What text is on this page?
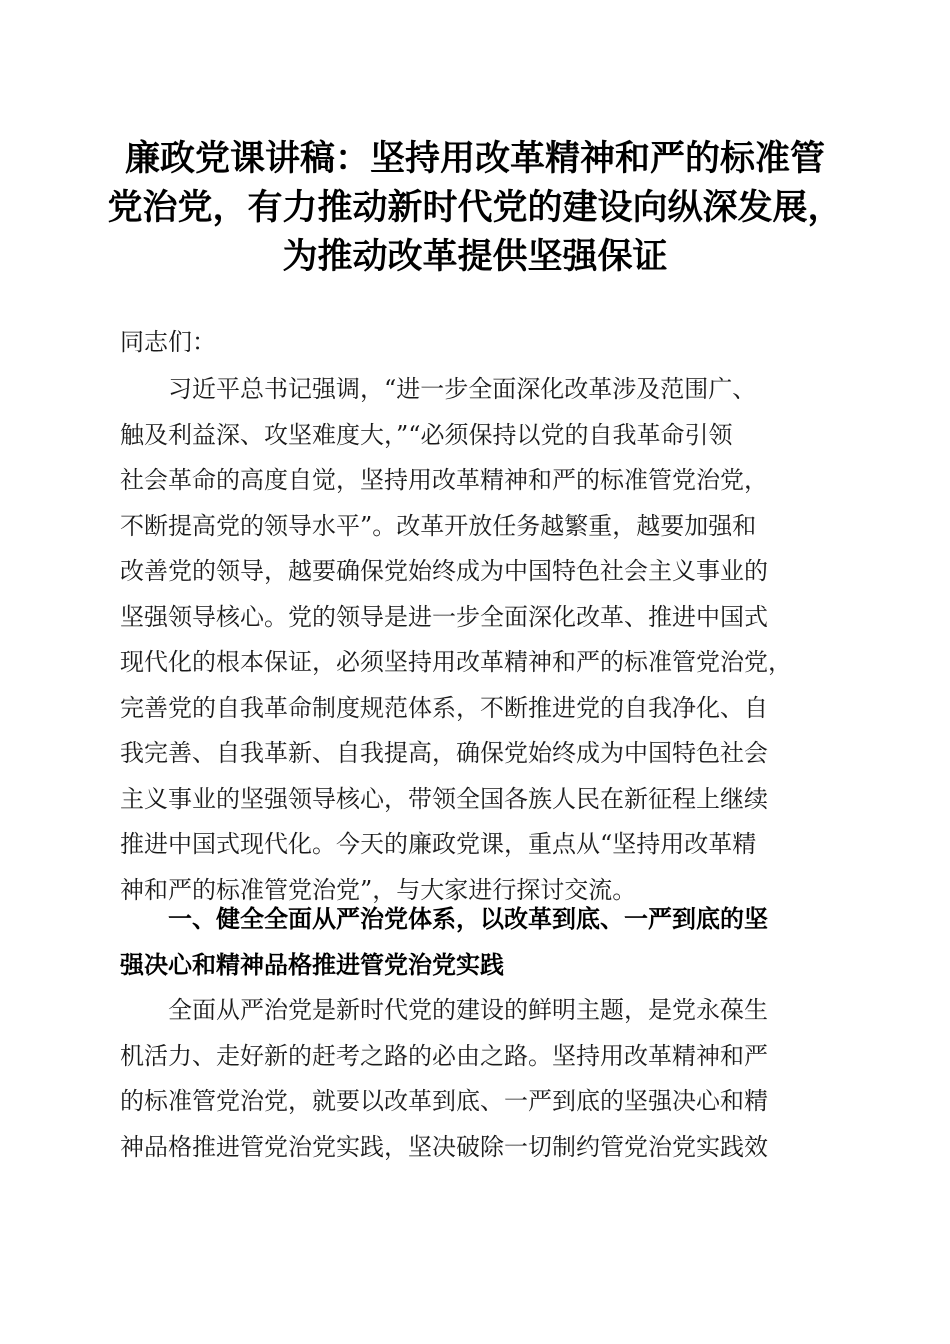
廉政党课讲稿：坚持用改革精神和严的标准管
党治党，有力推动新时代党的建设向纵深发展，
为推动改革提供坚强保证

同志们：

习近平总书记强调，“进一步全面深化改革涉及范围广、
触及利益深、攻坚难度大，”“必须保持以党的自我革命引领
社会革命的高度自觉，坚持用改革精神和严的标准管党治党，
不断提高党的领导水平”。改革开放任务越繁重，越要加强和
改善党的领导，越要确保党始终成为中国特色社会主义事业的
坚强领导核心。党的领导是进一步全面深化改革、推进中国式
现代化的根本保证，必须坚持用改革精神和严的标准管党治党，
完善党的自我革命制度规范体系，不断推进党的自我净化、自
我完善、自我革新、自我提高，确保党始终成为中国特色社会
主义事业的坚强领导核心，带领全国各族人民在新征程上继续
推进中国式现代化。今天的廉政党课，重点从“坚持用改革精
神和严的标准管党治党”，与大家进行探讨交流。
一、健全全面从严治党体系，以改革到底、一严到底的坚
强决心和精神品格推进管党治党实践
全面从严治党是新时代党的建设的鲜明主题，是党永葆生
机活力、走好新的赶考之路的必由之路。坚持用改革精神和严
的标准管党治党，就要以改革到底、一严到底的坚强决心和精
神品格推进管党治党实践，坚决破除一切制约管党治党实践效
